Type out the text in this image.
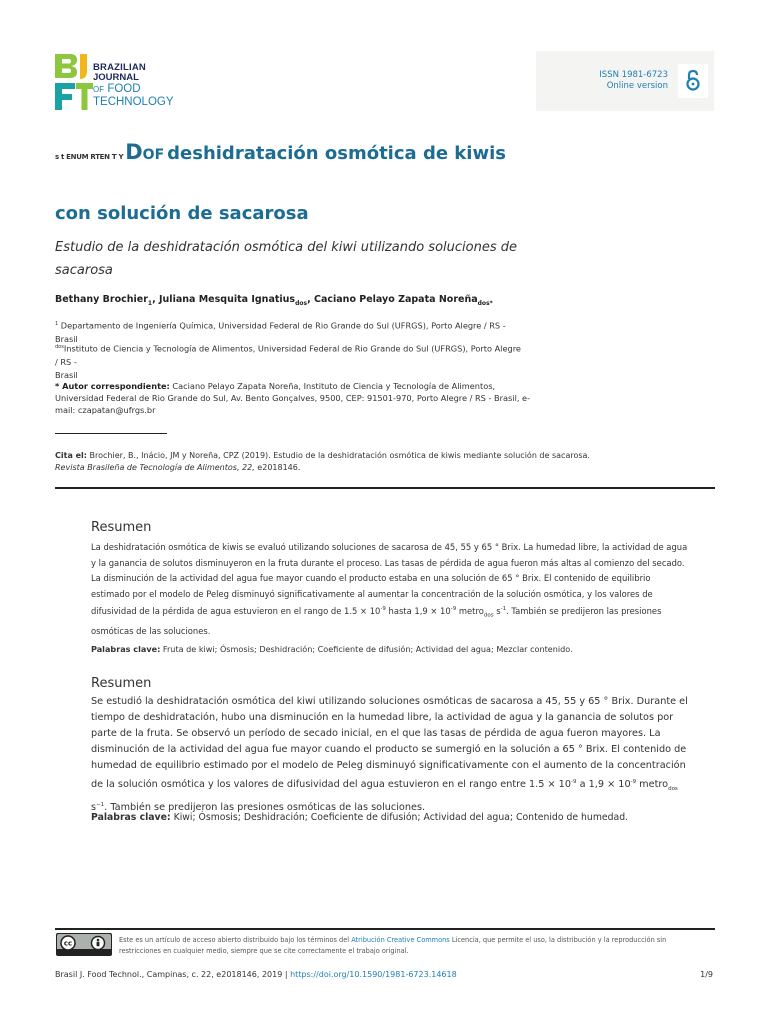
BRAZILIAN
JOURNAL
OF FOOD
TECHNOLOGY
ISSN 1981-6723
Online version
s t ENUM RTEN T YDOF deshidratación osmótica de kiwis
con solución de sacarosa
Estudio de la deshidratación osmótica del kiwi utilizando soluciones de sacarosa
Bethany Brochier$_1$, Juliana Mesquita Ignatius$_{dos}$, Caciano Pelayo Zapata Noreña$_{dos*}$
$^1$ Departamento de Ingeniería Química, Universidad Federal de Rio Grande do Sul (UFRGS), Porto Alegre / RS -
Brasil
$^{dos}$Instituto de Ciencia y Tecnología de Alimentos, Universidad Federal de Rio Grande do Sul (UFRGS), Porto Alegre / RS -
Brasil
* Autor correspondiente: Caciano Pelayo Zapata Noreña, Instituto de Ciencia y Tecnología de Alimentos, Universidad Federal de Rio Grande do Sul, Av. Bento Gonçalves, 9500, CEP: 91501-970, Porto Alegre / RS - Brasil, e-mail: czapatan@ufrgs.br
Cita el: Brochier, B., Inácio, JM y Noreña, CPZ (2019). Estudio de la deshidratación osmótica de kiwis mediante solución de sacarosa.
Revista Brasileña de Tecnología de Alimentos, 22, e2018146.
Resumen
La deshidratación osmótica de kiwis se evaluó utilizando soluciones de sacarosa de 45, 55 y 65 ° Brix. La humedad libre, la actividad de agua y la ganancia de solutos disminuyeron en la fruta durante el proceso. Las tasas de pérdida de agua fueron más altas al comienzo del secado. La disminución de la actividad del agua fue mayor cuando el producto estaba en una solución de 65 ° Brix. El contenido de equilibrio estimado por el modelo de Peleg disminuyó significativamente al aumentar la concentración de la solución osmótica, y los valores de difusividad de la pérdida de agua estuvieron en el rango de $1.5 \times 10^{-9}$ hasta $1,9 \times 10^{-9}$ metro$_{dos}$ $s^{-1}$. También se predijeron las presiones osmóticas de las soluciones.
Palabras clave: Fruta de kiwi; Ósmosis; Deshidración; Coeficiente de difusión; Actividad del agua; Mezclar contenido.
Resumen
Se estudió la deshidratación osmótica del kiwi utilizando soluciones osmóticas de sacarosa a 45, 55 y 65 ° Brix. Durante el tiempo de deshidratación, hubo una disminución en la humedad libre, la actividad de agua y la ganancia de solutos por parte de la fruta. Se observó un período de secado inicial, en el que las tasas de pérdida de agua fueron mayores. La disminución de la actividad del agua fue mayor cuando el producto se sumergió en la solución a 65 ° Brix. El contenido de humedad de equilibrio estimado por el modelo de Peleg disminuyó significativamente con el aumento de la concentración de la solución osmótica y los valores de difusividad del agua estuvieron en el rango entre $1.5 \times 10^{-9}$ a $1,9 \times 10^{-9}$ metro$_{dos}$ $s^{-1}$. También se predijeron las presiones osmóticas de las soluciones.
Palabras clave: Kiwi; Ósmosis; Deshidración; Coeficiente de difusión; Actividad del agua; Contenido de humedad.
cc	Este es un artículo de acceso abierto distribuido bajo los términos del Atribución Creative Commons Licencia, que permite el uso, la distribución y la reproducción sin restricciones en cualquier medio, siempre que se cite correctamente el trabajo original.
Brasil J. Food Technol., Campinas, c. 22, e2018146, 2019 | https://doi.org/10.1590/1981-6723.14618	1/9
